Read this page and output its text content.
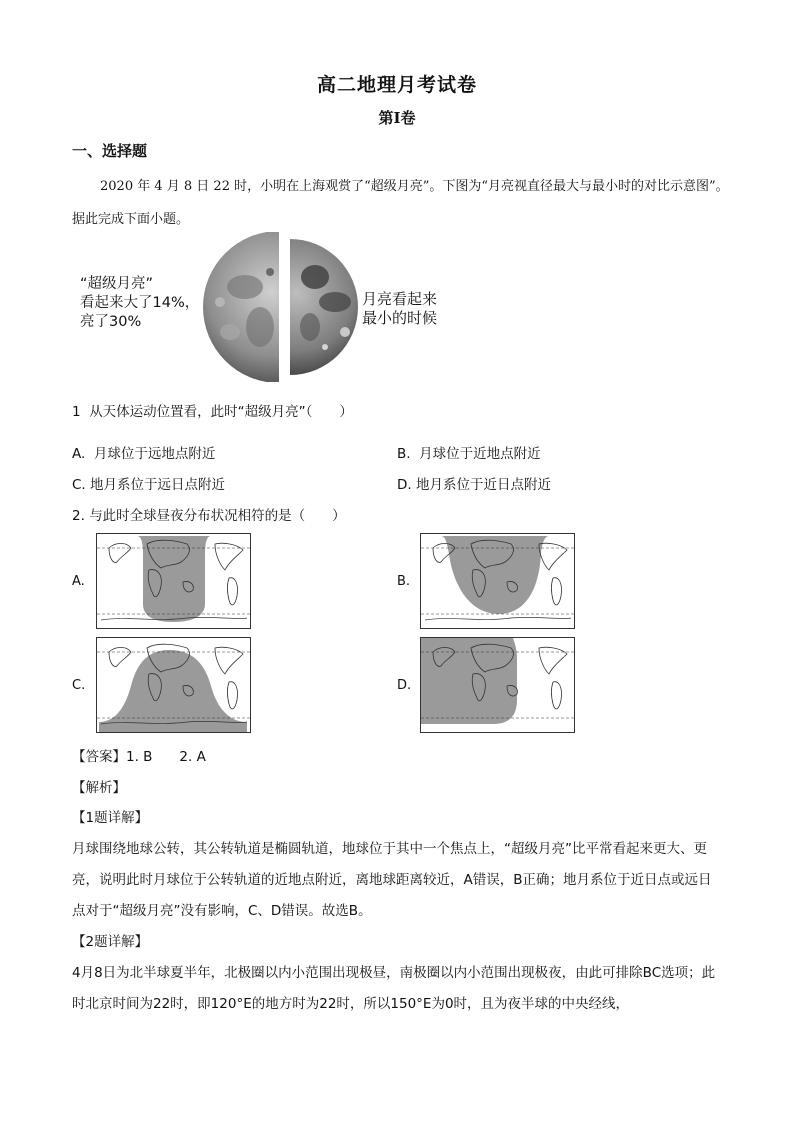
高二地理月考试卷
第I卷
一、选择题
2020 年 4 月 8 日 22 时，小明在上海观赏了“超级月亮”。下图为“月亮视直径最大与最小时的对比示意图”。据此完成下面小题。
“超级月亮”
看起来大了14%，
亮了30%
月亮看起来
最小的时候
1 从天体运动位置看，此时“超级月亮”（　　）
A. 月球位于远地点附近	B. 月球位于近地点附近
C. 地月系位于远日点附近	D. 地月系位于近日点附近
2. 与此时全球昼夜分布状况相符的是（　　）
A.	B.
C.	D.
【答案】1. B　　2. A
【解析】
【1题详解】
月球围绕地球公转，其公转轨道是椭圆轨道，地球位于其中一个焦点上，“超级月亮”比平常看起来更大、更亮，说明此时月球位于公转轨道的近地点附近，离地球距离较近，A错误，B正确；地月系位于近日点或远日点对于“超级月亮”没有影响，C、D错误。故选B。
【2题详解】
4月8日为北半球夏半年，北极圈以内小范围出现极昼，南极圈以内小范围出现极夜，由此可排除BC选项；此时北京时间为22时，即120°E的地方时为22时，所以150°E为0时，且为夜半球的中央经线，
